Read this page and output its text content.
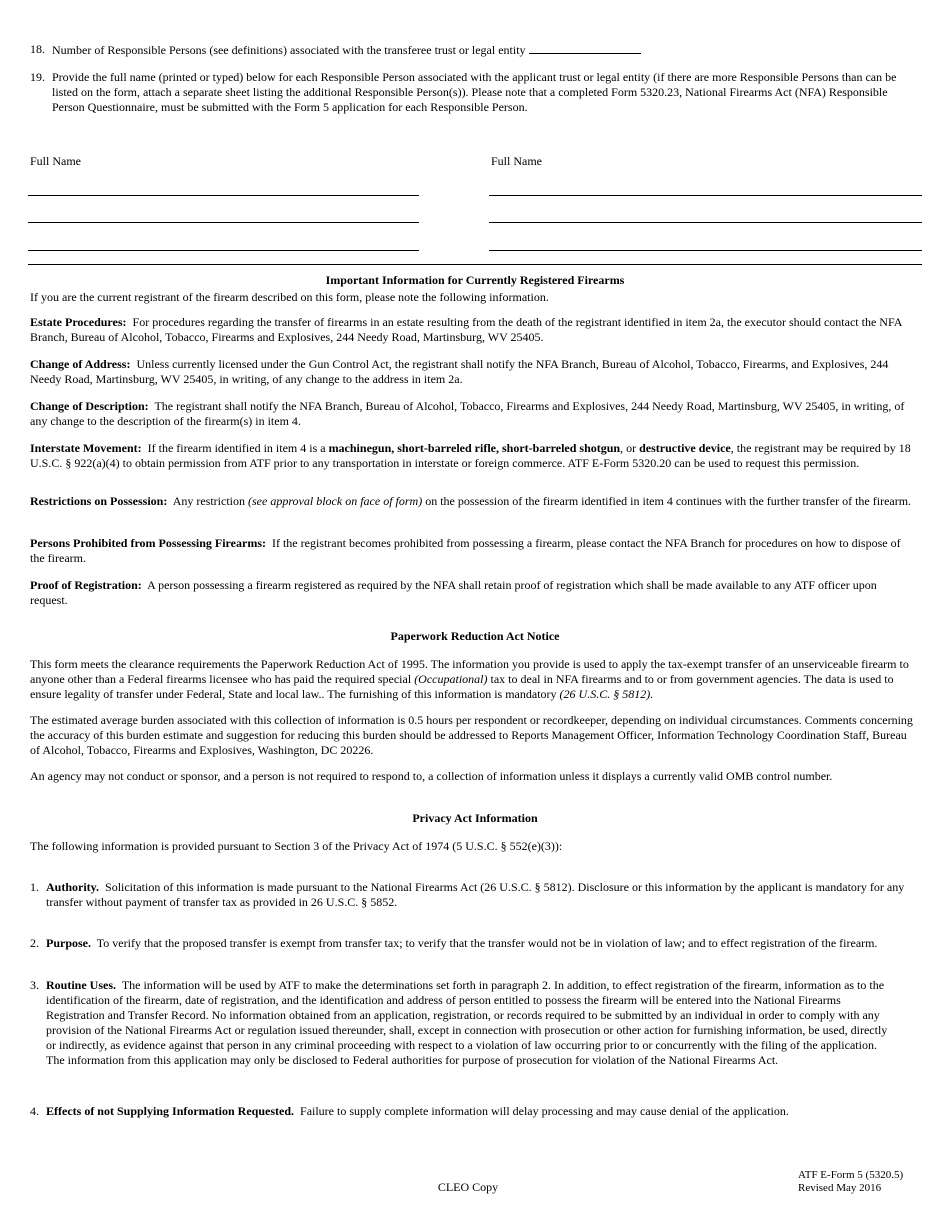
18. Number of Responsible Persons (see definitions) associated with the transferee trust or legal entity
19. Provide the full name (printed or typed) below for each Responsible Person associated with the applicant trust or legal entity (if there are more Responsible Persons than can be listed on the form, attach a separate sheet listing the additional Responsible Person(s)). Please note that a completed Form 5320.23, National Firearms Act (NFA) Responsible Person Questionnaire, must be submitted with the Form 5 application for each Responsible Person.
Full Name	Full Name
Important Information for Currently Registered Firearms
If you are the current registrant of the firearm described on this form, please note the following information.
Estate Procedures: For procedures regarding the transfer of firearms in an estate resulting from the death of the registrant identified in item 2a, the executor should contact the NFA Branch, Bureau of Alcohol, Tobacco, Firearms and Explosives, 244 Needy Road, Martinsburg, WV 25405.
Change of Address: Unless currently licensed under the Gun Control Act, the registrant shall notify the NFA Branch, Bureau of Alcohol, Tobacco, Firearms, and Explosives, 244 Needy Road, Martinsburg, WV 25405, in writing, of any change to the address in item 2a.
Change of Description: The registrant shall notify the NFA Branch, Bureau of Alcohol, Tobacco, Firearms and Explosives, 244 Needy Road, Martinsburg, WV 25405, in writing, of any change to the description of the firearm(s) in item 4.
Interstate Movement: If the firearm identified in item 4 is a machinegun, short-barreled rifle, short-barreled shotgun, or destructive device, the registrant may be required by 18 U.S.C. § 922(a)(4) to obtain permission from ATF prior to any transportation in interstate or foreign commerce. ATF E-Form 5320.20 can be used to request this permission.
Restrictions on Possession: Any restriction (see approval block on face of form) on the possession of the firearm identified in item 4 continues with the further transfer of the firearm.
Persons Prohibited from Possessing Firearms: If the registrant becomes prohibited from possessing a firearm, please contact the NFA Branch for procedures on how to dispose of the firearm.
Proof of Registration: A person possessing a firearm registered as required by the NFA shall retain proof of registration which shall be made available to any ATF officer upon request.
Paperwork Reduction Act Notice
This form meets the clearance requirements the Paperwork Reduction Act of 1995. The information you provide is used to apply the tax-exempt transfer of an unserviceable firearm to anyone other than a Federal firearms licensee who has paid the required special (Occupational) tax to deal in NFA firearms and to or from government agencies. The data is used to ensure legality of transfer under Federal, State and local law.. The furnishing of this information is mandatory (26 U.S.C. § 5812).
The estimated average burden associated with this collection of information is 0.5 hours per respondent or recordkeeper, depending on individual circumstances. Comments concerning the accuracy of this burden estimate and suggestion for reducing this burden should be addressed to Reports Management Officer, Information Technology Coordination Staff, Bureau of Alcohol, Tobacco, Firearms and Explosives, Washington, DC 20226.
An agency may not conduct or sponsor, and a person is not required to respond to, a collection of information unless it displays a currently valid OMB control number.
Privacy Act Information
The following information is provided pursuant to Section 3 of the Privacy Act of 1974 (5 U.S.C. § 552(e)(3)):
1. Authority. Solicitation of this information is made pursuant to the National Firearms Act (26 U.S.C. § 5812). Disclosure or this information by the applicant is mandatory for any transfer without payment of transfer tax as provided in 26 U.S.C. § 5852.
2. Purpose. To verify that the proposed transfer is exempt from transfer tax; to verify that the transfer would not be in violation of law; and to effect registration of the firearm.
3. Routine Uses. The information will be used by ATF to make the determinations set forth in paragraph 2. In addition, to effect registration of the firearm, information as to the identification of the firearm, date of registration, and the identification and address of person entitled to possess the firearm will be entered into the National Firearms Registration and Transfer Record. No information obtained from an application, registration, or records required to be submitted by an individual in order to comply with any provision of the National Firearms Act or regulation issued thereunder, shall, except in connection with prosecution or other action for furnishing information, be used, directly or indirectly, as evidence against that person in any criminal proceeding with respect to a violation of law occurring prior to or concurrently with the filing of the application. The information from this application may only be disclosed to Federal authorities for purpose of prosecution for violation of the National Firearms Act.
4. Effects of not Supplying Information Requested. Failure to supply complete information will delay processing and may cause denial of the application.
CLEO Copy
ATF E-Form 5 (5320.5)
Revised May 2016
